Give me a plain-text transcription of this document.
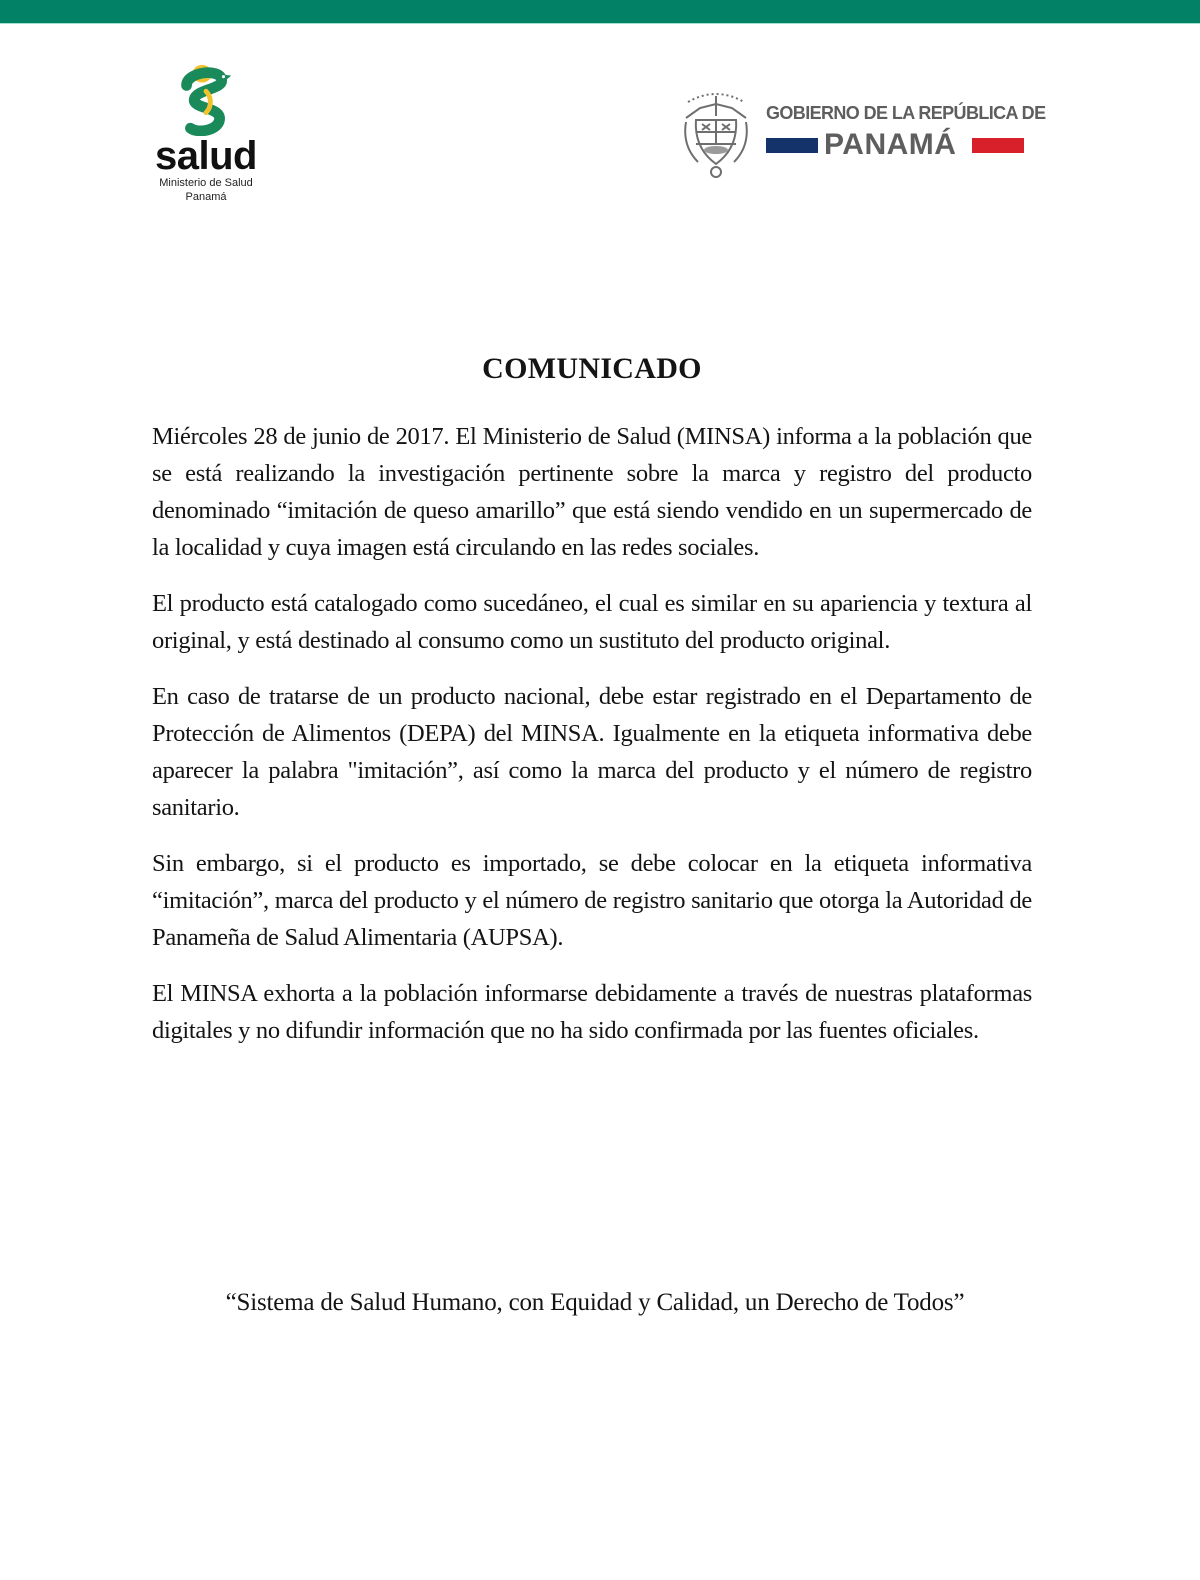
salud
Ministerio de Salud
Panamá
GOBIERNO DE LA REPÚBLICA DE
PANAMÁ
COMUNICADO

Miércoles 28 de junio de 2017. El Ministerio de Salud (MINSA) informa a la población que se está realizando la investigación pertinente sobre la marca y registro del producto denominado “imitación de queso amarillo” que está siendo vendido en un supermercado de la localidad y cuya imagen está circulando en las redes sociales.

El producto está catalogado como sucedáneo, el cual es similar en su apariencia y textura al original, y está destinado al consumo como un sustituto del producto original.

En caso de tratarse de un producto nacional, debe estar registrado en el Departamento de Protección de Alimentos (DEPA) del MINSA. Igualmente en la etiqueta informativa debe aparecer la palabra "imitación”, así como la marca del producto y el número de registro sanitario.

Sin embargo, si el producto es importado, se debe colocar en la etiqueta informativa “imitación”, marca del producto y el número de registro sanitario que otorga la Autoridad de Panameña de Salud Alimentaria (AUPSA).

El MINSA exhorta a la población informarse debidamente a través de nuestras plataformas digitales y no difundir información que no ha sido confirmada por las fuentes oficiales.

“Sistema de Salud Humano, con Equidad y Calidad, un Derecho de Todos”
